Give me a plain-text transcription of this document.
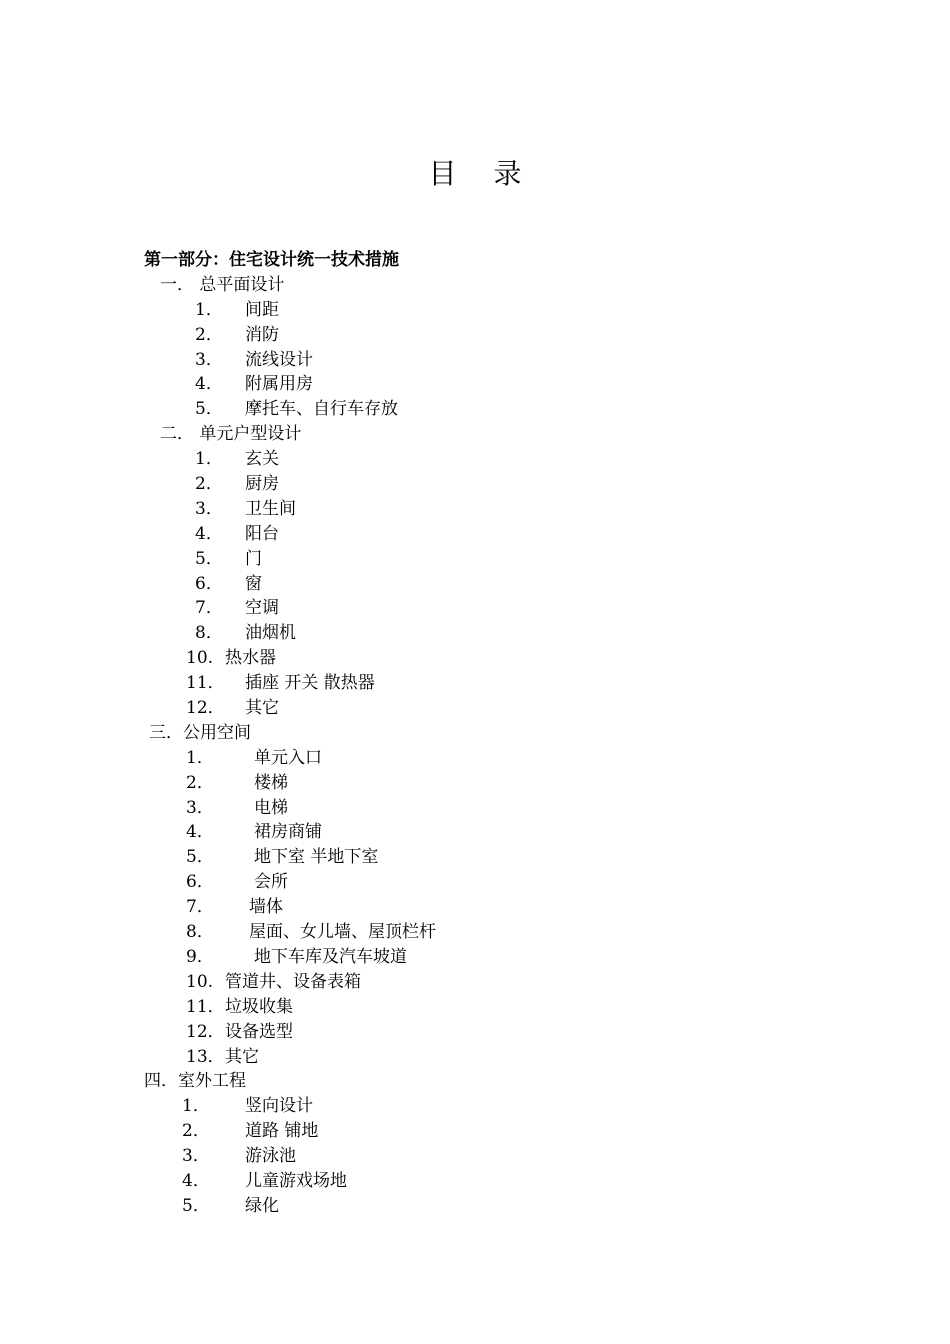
目 录
第一部分：住宅设计统一技术措施
一． 总平面设计
1． 间距
2． 消防
3． 流线设计
4． 附属用房
5． 摩托车、自行车存放
二． 单元户型设计
1． 玄关
2． 厨房
3． 卫生间
4． 阳台
5． 门
6． 窗
7． 空调
8． 油烟机
10. 热水器
11． 插座 开关 散热器
12． 其它
三．公用空间
1． 单元入口
2． 楼梯
3． 电梯
4． 裙房商铺
5． 地下室 半地下室
6． 会所
7． 墙体
8． 屋面、女儿墙、屋顶栏杆
9． 地下车库及汽车坡道
10. 管道井、设备表箱
11． 垃圾收集
12． 设备选型
13． 其它
四．室外工程
1． 竖向设计
2． 道路 铺地
3． 游泳池
4． 儿童游戏场地
5． 绿化
